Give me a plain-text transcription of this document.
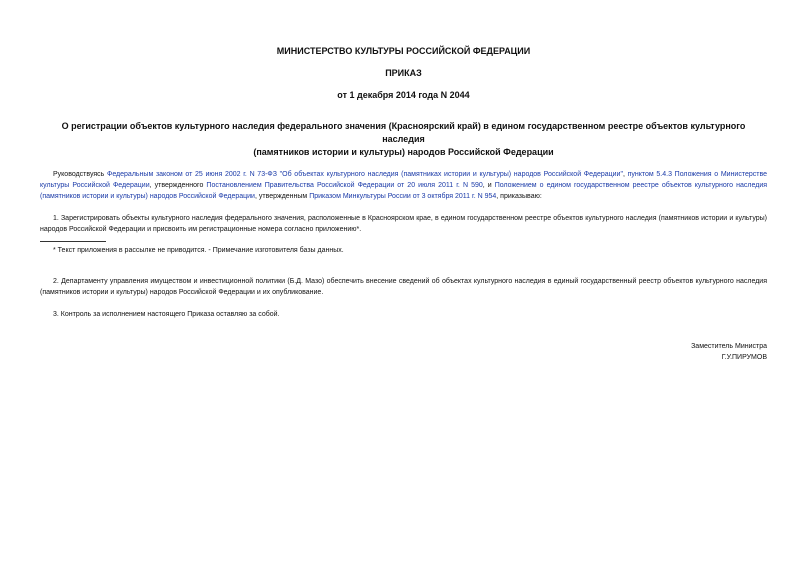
МИНИСТЕРСТВО КУЛЬТУРЫ РОССИЙСКОЙ ФЕДЕРАЦИИ
ПРИКАЗ
от 1 декабря 2014 года N 2044
О регистрации объектов культурного наследия федерального значения (Красноярский край) в едином государственном реестре объектов культурного наследия
(памятников истории и культуры) народов Российской Федерации
Руководствуясь Федеральным законом от 25 июня 2002 г. N 73-ФЗ "Об объектах культурного наследия (памятниках истории и культуры) народов Российской Федерации", пунктом 5.4.3 Положения о Министерстве культуры Российской Федерации, утвержденного Постановлением Правительства Российской Федерации от 20 июля 2011 г. N 590, и Положением о едином государственном реестре объектов культурного наследия (памятников истории и культуры) народов Российской Федерации, утвержденным Приказом Минкультуры России от 3 октября 2011 г. N 954, приказываю:
1. Зарегистрировать объекты культурного наследия федерального значения, расположенные в Красноярском крае, в едином государственном реестре объектов культурного наследия (памятников истории и культуры) народов Российской Федерации и присвоить им регистрационные номера согласно приложению*.
* Текст приложения в рассылке не приводится. - Примечание изготовителя базы данных.
2. Департаменту управления имуществом и инвестиционной политики (Б.Д. Мазо) обеспечить внесение сведений об объектах культурного наследия в единый государственный реестр объектов культурного наследия (памятников истории и культуры) народов Российской Федерации и их опубликование.
3. Контроль за исполнением настоящего Приказа оставляю за собой.
Заместитель Министра
Г.У.ПИРУМОВ
